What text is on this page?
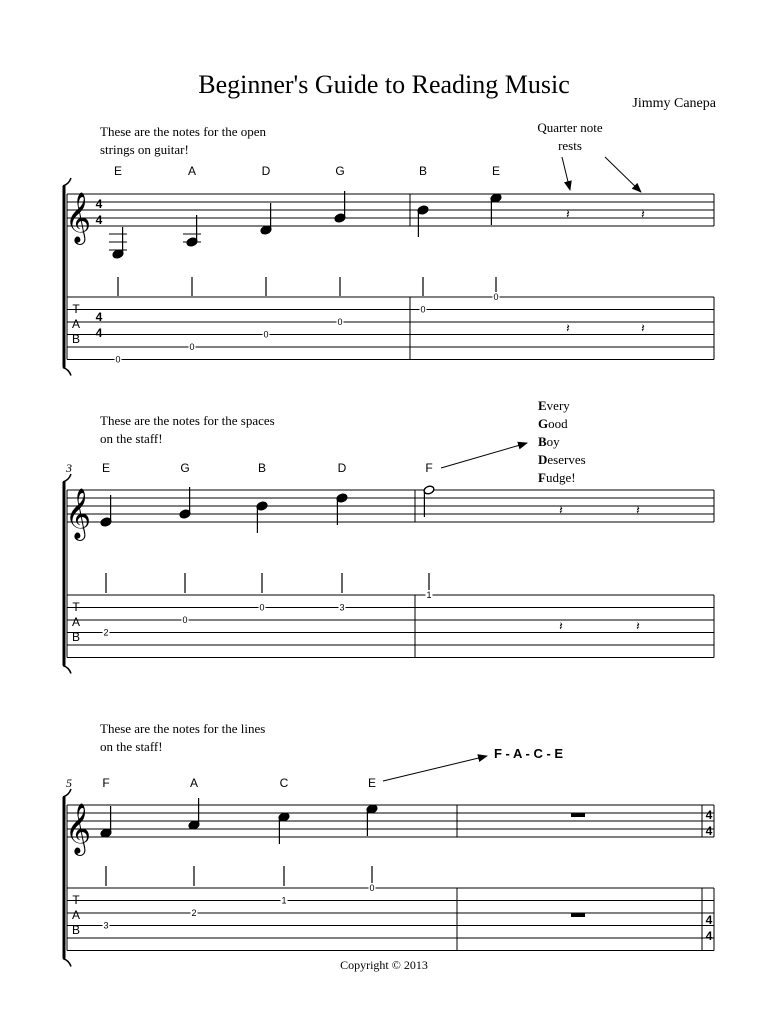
Beginner's Guide to Reading Music
Jimmy Canepa
These are the notes for the open
strings on guitar!
Quarter note
rests
These are the notes for the spaces
on the staff!
Every
Good
Boy
Deserves
Fudge!
These are the notes for the lines
on the staff!	F - A - C - E
Copyright © 2013
𝄞
T
A
B
4
4
4
4
E
0
A
0
D
0
G
0
B
0
E
0
𝄽
𝄽
𝄽
𝄽
𝄞
T
A
B
3 E
2
G
0
B
0
D
3
F
1
𝄽
𝄽
𝄽
𝄽
𝄞
T
A
B
4
4
4
4
5	F
3
A
2
C
1
E
0
